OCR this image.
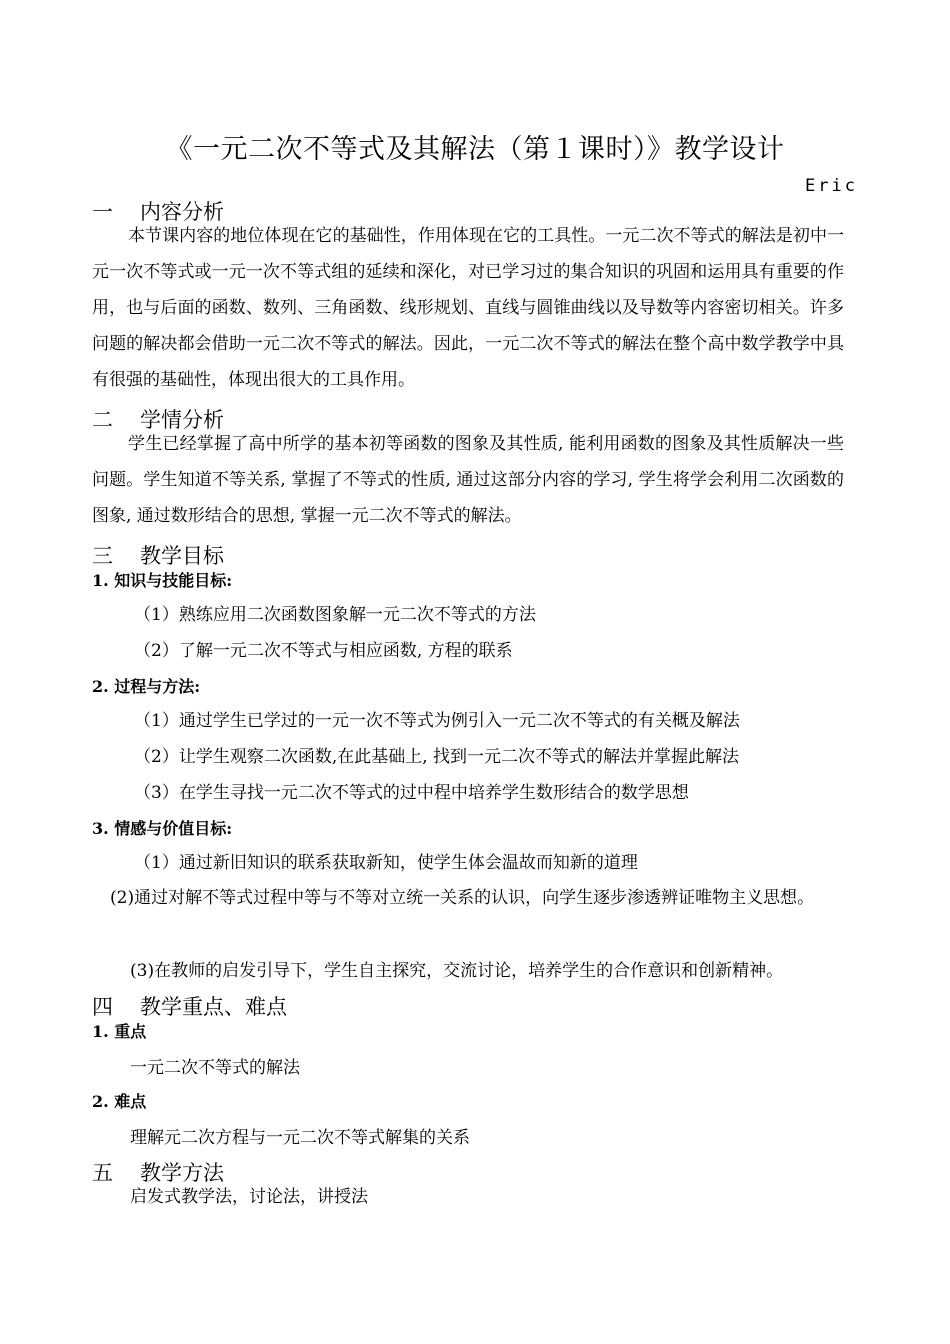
《一元二次不等式及其解法（第１课时）》教学设计
Eric
一 内容分析
本节课内容的地位体现在它的基础性，作用体现在它的工具性。一元二次不等式的解法是初中一元一次不等式或一元一次不等式组的延续和深化，对已学习过的集合知识的巩固和运用具有重要的作用，也与后面的函数、数列、三角函数、线形规划、直线与圆锥曲线以及导数等内容密切相关。许多问题的解决都会借助一元二次不等式的解法。因此，一元二次不等式的解法在整个高中数学教学中具有很强的基础性，体现出很大的工具作用。
二 学情分析
学生已经掌握了高中所学的基本初等函数的图象及其性质, 能利用函数的图象及其性质解决一些问题。学生知道不等关系, 掌握了不等式的性质, 通过这部分内容的学习, 学生将学会利用二次函数的图象, 通过数形结合的思想, 掌握一元二次不等式的解法。
三 教学目标
1. 知识与技能目标:
（1）熟练应用二次函数图象解一元二次不等式的方法
（2）了解一元二次不等式与相应函数, 方程的联系
2. 过程与方法:
（1）通过学生已学过的一元一次不等式为例引入一元二次不等式的有关概及解法
（2）让学生观察二次函数,在此基础上, 找到一元二次不等式的解法并掌握此解法
（3）在学生寻找一元二次不等式的过中程中培养学生数形结合的数学思想
3. 情感与价值目标:
（1）通过新旧知识的联系获取新知，使学生体会温故而知新的道理
(2)通过对解不等式过程中等与不等对立统一关系的认识，向学生逐步渗透辨证唯物主义思想。
(3)在教师的启发引导下，学生自主探究，交流讨论，培养学生的合作意识和创新精神。
四 教学重点、难点
1. 重点
一元二次不等式的解法
2. 难点
理解元二次方程与一元二次不等式解集的关系
五 教学方法
启发式教学法，讨论法，讲授法
